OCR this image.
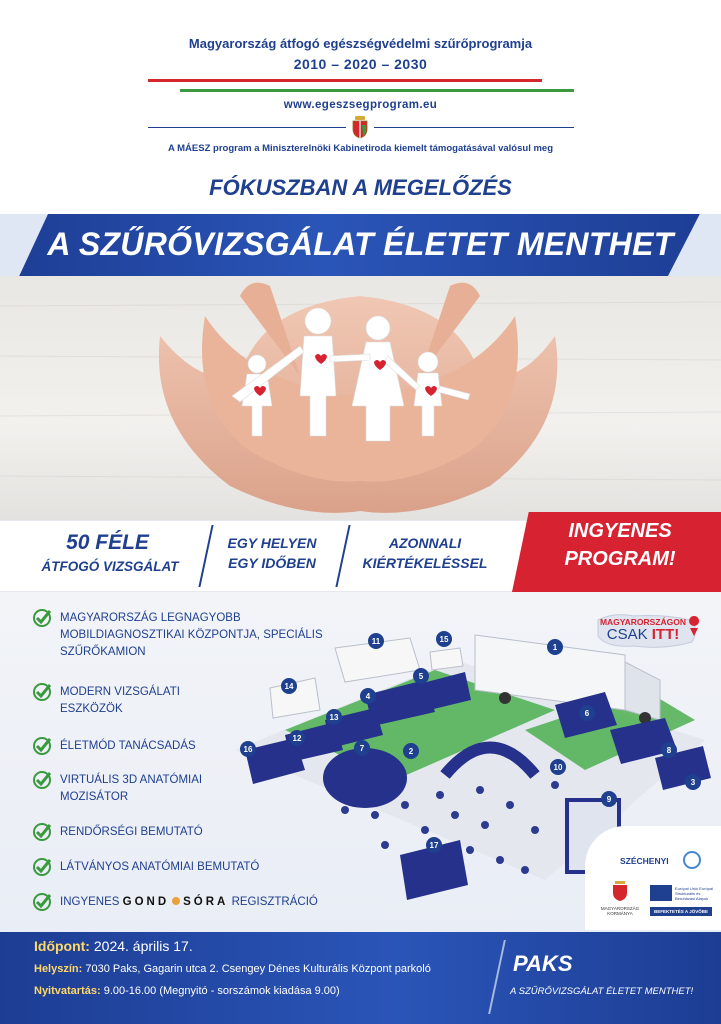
Magyarország átfogó egészségvédelmi szűrőprogramja
2010 – 2020 – 2030
www.egeszsegprogram.eu
A MÁESZ program a Miniszterelnöki Kabinetiroda kiemelt támogatásával valósul meg
FÓKUSZBAN A MEGELŐZÉS
A SZŰRŐVIZSGÁLAT ÉLETET MENTHET
50 FÉLE
ÁTFOGÓ VIZSGÁLAT
EGY HELYEN
EGY IDŐBEN
AZONNALI
KIÉRTÉKELÉSSEL
INGYENES
PROGRAM!
MAGYARORSZÁG LEGNAGYOBB MOBILDIAGNOSZTIKAI KÖZPONTJA, SPECIÁLIS SZŰRŐKAMION
MODERN VIZSGÁLATI ESZKÖZÖK
ÉLETMÓD TANÁCSADÁS
VIRTUÁLIS 3D ANATÓMIAI MOZISÁTOR
RENDŐRSÉGI BEMUTATÓ
LÁTVÁNYOS ANATÓMIAI BEMUTATÓ
INGYENES GOND SÓRA REGISZTRÁCIÓ
1
2
3
4
5
6
7	8
9
10
11
12
13
14
15
16
17
MAGYARORSZÁGON
CSAK ITT!
SZÉCHENYI
MAGYARORSZÁG KORMÁNYA
Európai Unió Európai Strukturális és Beruházási Alapok
BEFEKTETÉS A JÖVŐBE
Időpont: 2024. április 17.
Helyszín: 7030 Paks, Gagarin utca 2. Csengey Dénes Kulturális Központ parkoló
Nyitvatartás: 9.00-16.00 (Megnyitó - sorszámok kiadása 9.00)
PAKS
A SZŰRŐVIZSGÁLAT ÉLETET MENTHET!
